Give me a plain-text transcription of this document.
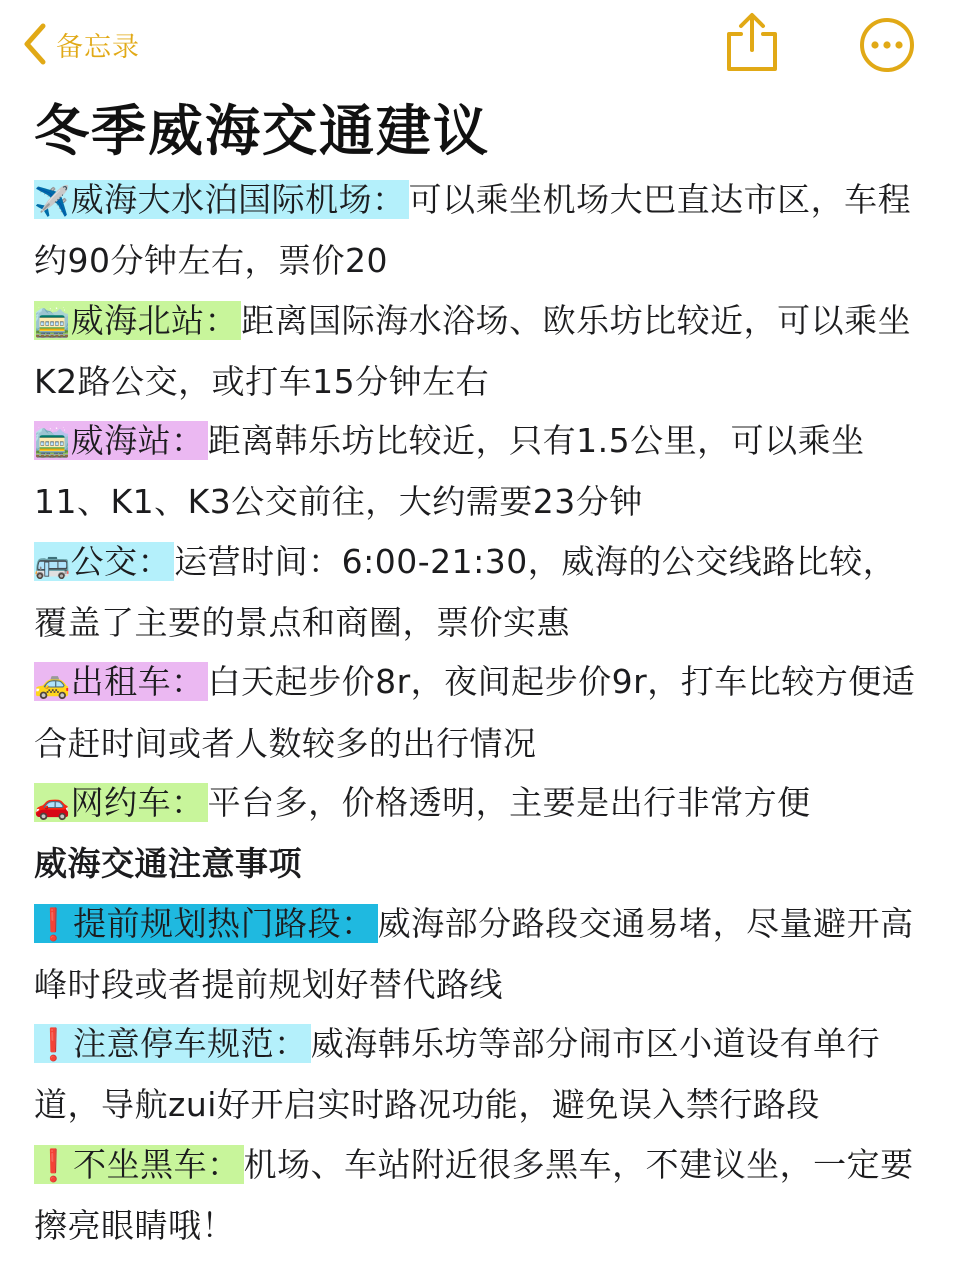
备忘录
冬季威海交通建议

✈️威海大水泊国际机场：可以乘坐机场大巴直达市区，车程约90分钟左右，票价20

🚞威海北站：距离国际海水浴场、欧乐坊比较近，可以乘坐K2路公交，或打车15分钟左右

🚞威海站：距离韩乐坊比较近，只有1.5公里，可以乘坐11、K1、K3公交前往，大约需要23分钟

🚌公交：运营时间：6:00-21:30，威海的公交线路比较，覆盖了主要的景点和商圈，票价实惠

🚕出租车：白天起步价8r，夜间起步价9r，打车比较方便适合赶时间或者人数较多的出行情况

🚗网约车：平台多，价格透明，主要是出行非常方便

威海交通注意事项

❗提前规划热门路段：威海部分路段交通易堵，尽量避开高峰时段或者提前规划好替代路线

❗注意停车规范：威海韩乐坊等部分闹市区小道设有单行道，导航zui好开启实时路况功能，避免误入禁行路段

❗不坐黑车：机场、车站附近很多黑车，不建议坐，一定要擦亮眼睛哦！
